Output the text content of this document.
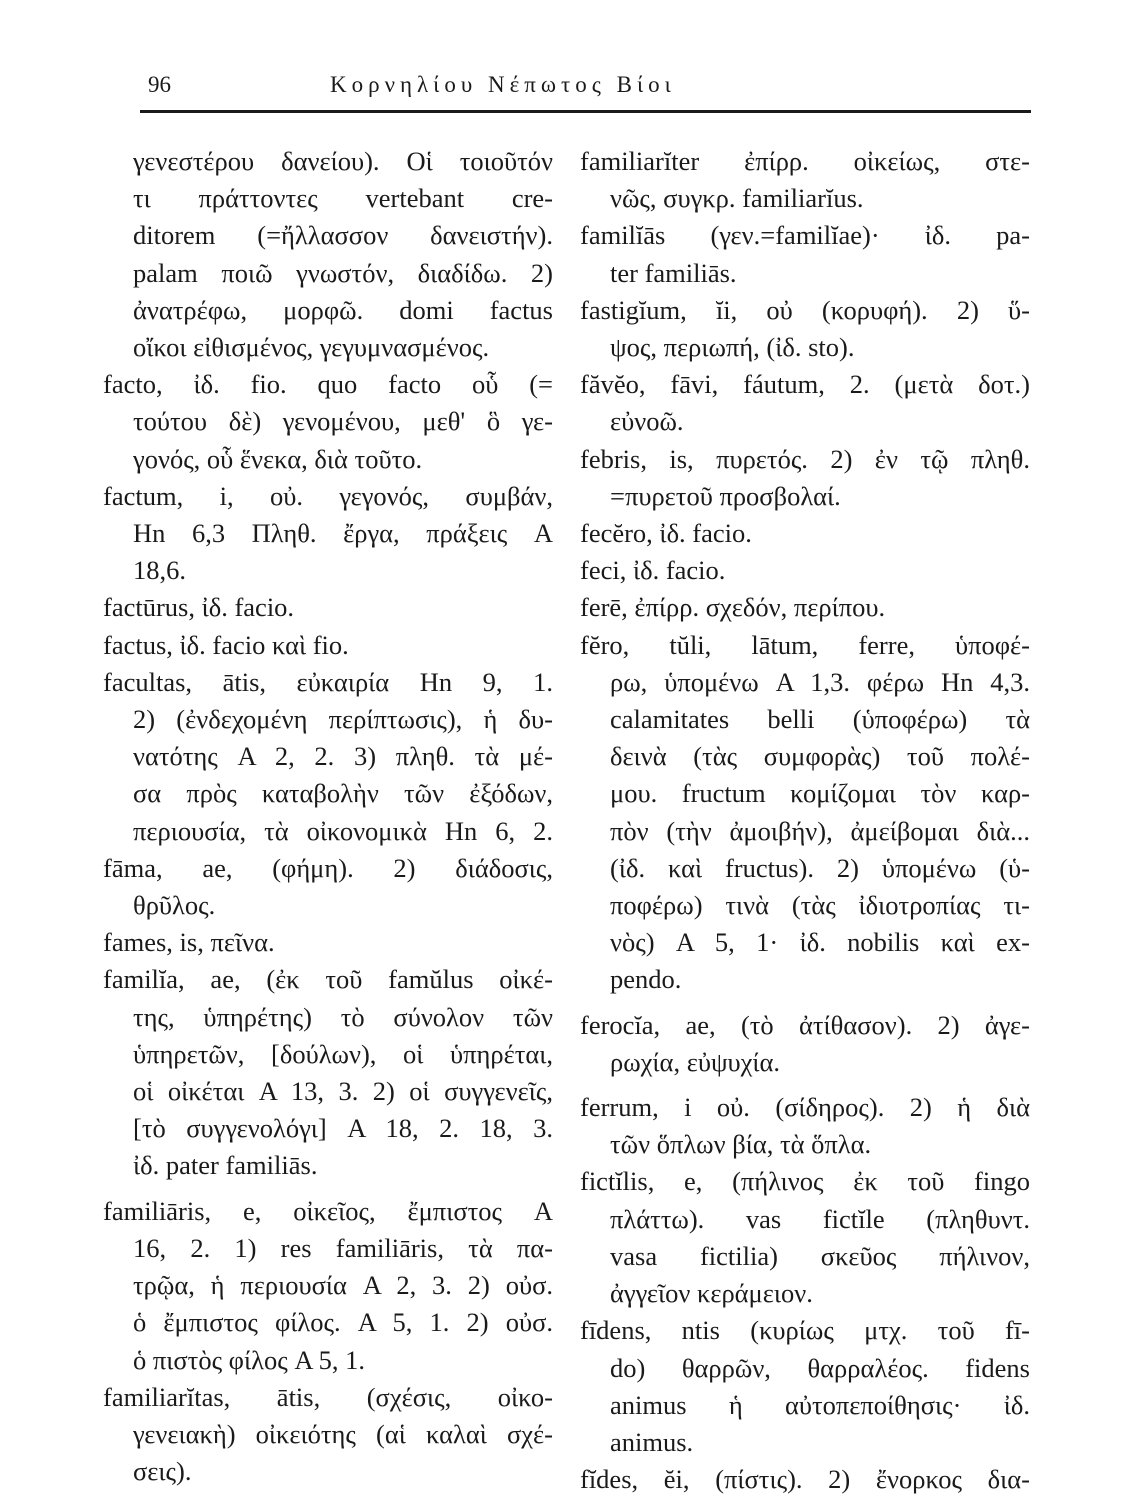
96	Κορνηλίου Νέπωτος Βίοι
γενεστέρου δανείου). Οἱ τοιοῦτόν
τι πράττοντες vertebant cre-
ditorem (=ἤλλασσον δανειστήν).
palam ποιῶ γνωστόν, διαδίδω. 2)
ἀνατρέφω, μορφῶ. domi factus
οἴκοι εἰθισμένος, γεγυμνασμένος.
facto, ἰδ. fio. quo facto οὗ (=
τούτου δὲ) γενομένου, μεθ' ὃ γε-
γονός, οὗ ἕνεκα, διὰ τοῦτο.
factum, i, οὐ. γεγονός, συμβάν,
Hn 6,3 Πληθ. ἔργα, πράξεις A
18,6.
factūrus, ἰδ. facio.
factus, ἰδ. facio καὶ fio.
facultas, ātis, εὐκαιρία Hn 9, 1.
2) (ἐνδεχομένη περίπτωσις), ἡ δυ-
νατότης A 2, 2. 3) πληθ. τὰ μέ-
σα πρὸς καταβολὴν τῶν ἐξόδων,
περιουσία, τὰ οἰκονομικὰ Hn 6, 2.
fāma, ae, (φήμη). 2) διάδοσις,
θρῦλος.
fames, is, πεῖνα.
familĭa, ae, (ἐκ τοῦ famŭlus οἰκέ-
της, ὑπηρέτης) τὸ σύνολον τῶν
ὑπηρετῶν, [δούλων), οἱ ὑπηρέται,
οἱ οἰκέται A 13, 3. 2) οἱ συγγενεῖς,
[τὸ συγγενολόγι] A 18, 2. 18, 3.
ἰδ. pater familiās.
familiāris, e, οἰκεῖος, ἔμπιστος A
16, 2. 1) res familiāris, τὰ πα-
τρῷα, ἡ περιουσία A 2, 3. 2) οὐσ.
ὁ ἔμπιστος φίλος. A 5, 1. 2) οὐσ.
ὁ πιστὸς φίλος A 5, 1.
familiarĭtas, ātis, (σχέσις, οἰκο-
γενειακὴ) οἰκειότης (αἱ καλαὶ σχέ-
σεις).
familiarĭter ἐπίρρ. οἰκείως, στε-
νῶς, συγκρ. familiarĭus.
familĭās (γεν.=familĭae)· ἰδ. pa-
ter familiās.
fastigĭum, ĭi, οὐ (κορυφή). 2) ὕ-
ψος, περιωπή, (ἰδ. sto).
făvĕo, fāvi, fáutum, 2. (μετὰ δοτ.)
εὐνοῶ.
febris, is, πυρετός. 2) ἐν τῷ πληθ.
=πυρετοῦ προσβολαί.
fecĕro, ἰδ. facio.
feci, ἰδ. facio.
ferē, ἐπίρρ. σχεδόν, περίπου.
fĕro, tŭli, lātum, ferre, ὑποφέ-
ρω, ὑπομένω A 1,3. φέρω Hn 4,3.
calamitates belli (ὑποφέρω) τὰ
δεινὰ (τὰς συμφορὰς) τοῦ πολέ-
μου. fructum κομίζομαι τὸν καρ-
πὸν (τὴν ἀμοιβήν), ἀμείβομαι διὰ...
(ἰδ. καὶ fructus). 2) ὑπομένω (ὑ-
ποφέρω) τινὰ (τὰς ἰδιοτροπίας τι-
νὸς) A 5, 1· ἰδ. nobilis καὶ ex-
pendo.
ferocĭa, ae, (τὸ ἀτίθασον). 2) ἀγε-
ρωχία, εὐψυχία.
ferrum, i οὐ. (σίδηρος). 2) ἡ διὰ
τῶν ὅπλων βία, τὰ ὅπλα.
fictĭlis, e, (πήλινος ἐκ τοῦ fingo
πλάττω). vas fictĭle (πληθυντ.
vasa fictilia) σκεῦος πήλινον,
ἀγγεῖον κεράμειον.
fīdens, ntis (κυρίως μτχ. τοῦ fī-
do) θαρρῶν, θαρραλέος. fidens
animus ἡ αὐτοπεποίθησις· ἰδ.
animus.
fĭdes, ĕi, (πίστις). 2) ἔνορκος δια-
